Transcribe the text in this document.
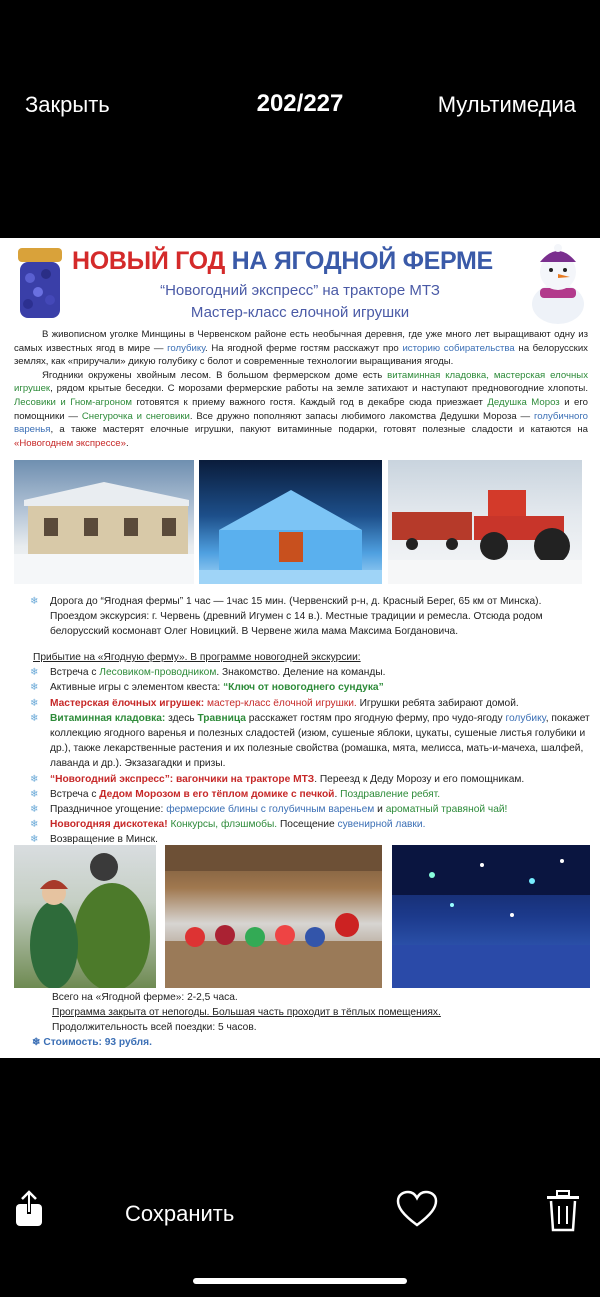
Закрыть	202/227	Мультимедиа
НОВЫЙ ГОД НА ЯГОДНОЙ ФЕРМЕ
“Новогодний экспресс” на тракторе МТЗ
Мастер-класс елочной игрушки

В живописном уголке Минщины в Червенском районе есть необычная деревня, где уже много лет выращивают одну из самых известных ягод в мире — голубику. На ягодной ферме гостям расскажут про историю собирательства на белорусских землях, как «приручали» дикую голубику с болот и современные технологии выращивания ягоды.

Ягодники окружены хвойным лесом. В большом фермерском доме есть витаминная кладовка, мастерская елочных игрушек, рядом крытые беседки. С морозами фермерские работы на земле затихают и наступают предновогодние хлопоты. Лесовики и Гном-агроном готовятся к приему важного гостя. Каждый год в декабре сюда приезжает Дедушка Мороз и его помощники — Снегурочка и снеговики. Все дружно пополняют запасы любимого лакомства Дедушки Мороза — голубичного варенья, а также мастерят елочные игрушки, пакуют витаминные подарки, готовят полезные сладости и катаются на «Новогоднем экспрессе».

❄ Дорога до “Ягодная фермы” 1 час — 1час 15 мин. (Червенский р-н, д. Красный Берег, 65 км от Минска). Проездом экскурсия: г. Червень (древний Игумен с 14 в.). Местные традиции и ремесла. Отсюда родом белорусский космонавт Олег Новицкий. В Червене жила мама Максима Богдановича.
Прибытие на «Ягодную ферму». В программе новогодней экскурсии:
❄ Встреча с Лесовиком-проводником. Знакомство. Деление на команды.
❄ Активные игры с элементом квеста: “Ключ от новогоднего сундука”
❄ Мастерская ёлочных игрушек: мастер-класс ёлочной игрушки. Игрушки ребята забирают домой.
❄ Витаминная кладовка: здесь Травница расскажет гостям про ягодную ферму, про чудо-ягоду голубику, покажет коллекцию ягодного варенья и полезных сладостей (изюм, сушеные яблоки, цукаты, сушеные листья голубики и др.), также лекарственные растения и их полезные свойства (ромашка, мята, мелисса, мать-и-мачеха, шалфей, лаванда и др.). Экзазагадки и призы.
❄ “Новогодний экспресс”: вагончики на тракторе МТЗ. Переезд к Деду Морозу и его помощникам.
❄ Встреча с Дедом Морозом в его тёплом домике с печкой. Поздравление ребят.
❄ Праздничное угощение: фермерские блины с голубичным вареньем и ароматный травяной чай!
❄ Новогодняя дискотека! Конкурсы, флэшмобы. Посещение сувенирной лавки.
❄ Возвращение в Минск.
Всего на «Ягодной ферме»: 2-2,5 часа.
Программа закрыта от непогоды. Большая часть проходит в тёплых помещениях.
Продолжительность всей поездки: 5 часов.
❄ Стоимость: 93 рубля.
Сохранить
